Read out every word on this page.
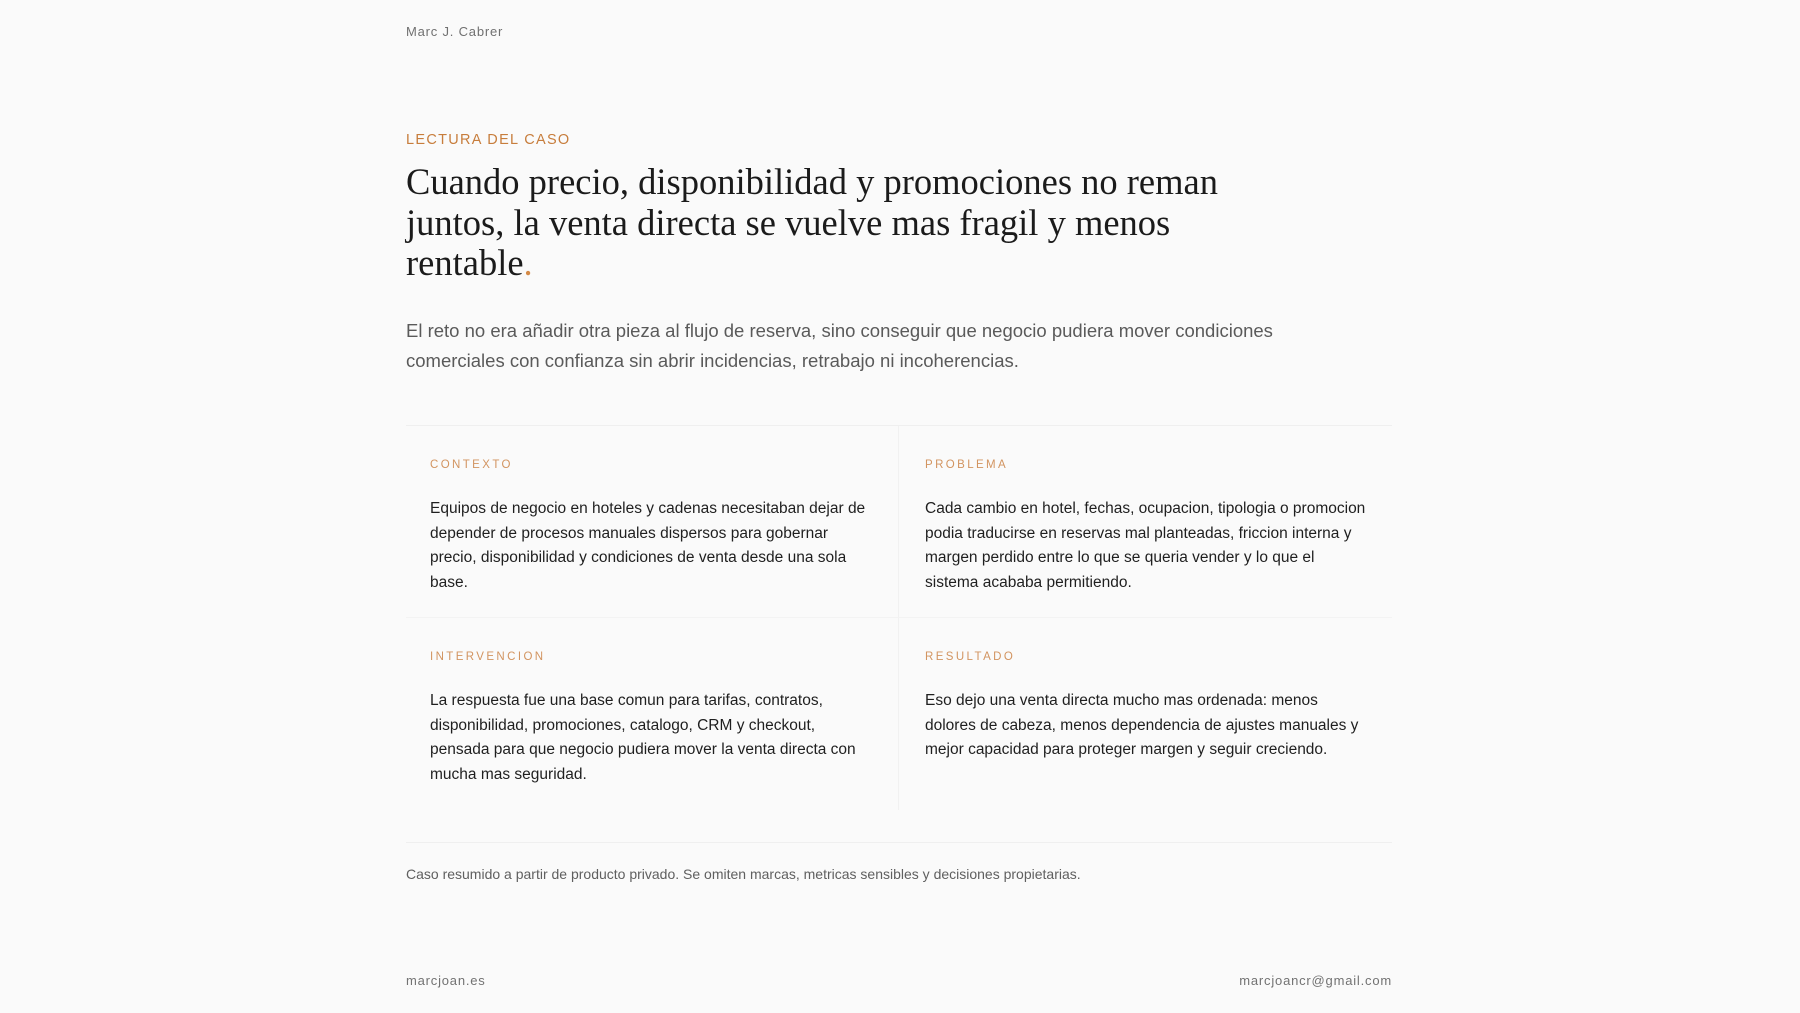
Marc J. Cabrer
LECTURA DEL CASO
Cuando precio, disponibilidad y promociones no reman
juntos, la venta directa se vuelve mas fragil y menos
rentable.

El reto no era añadir otra pieza al flujo de reserva, sino conseguir que negocio pudiera mover condiciones comerciales con confianza sin abrir incidencias, retrabajo ni incoherencias.

CONTEXTO
Equipos de negocio en hoteles y cadenas necesitaban dejar de depender de procesos manuales dispersos para gobernar precio, disponibilidad y condiciones de venta desde una sola base.
PROBLEMA
Cada cambio en hotel, fechas, ocupacion, tipologia o promocion podia traducirse en reservas mal planteadas, friccion interna y margen perdido entre lo que se queria vender y lo que el sistema acababa permitiendo.
INTERVENCION
La respuesta fue una base comun para tarifas, contratos, disponibilidad, promociones, catalogo, CRM y checkout, pensada para que negocio pudiera mover la venta directa con mucha mas seguridad.
RESULTADO
Eso dejo una venta directa mucho mas ordenada: menos dolores de cabeza, menos dependencia de ajustes manuales y mejor capacidad para proteger margen y seguir creciendo.

Caso resumido a partir de producto privado. Se omiten marcas, metricas sensibles y decisiones propietarias.

marcjoan.es	marcjoancr@gmail.com
